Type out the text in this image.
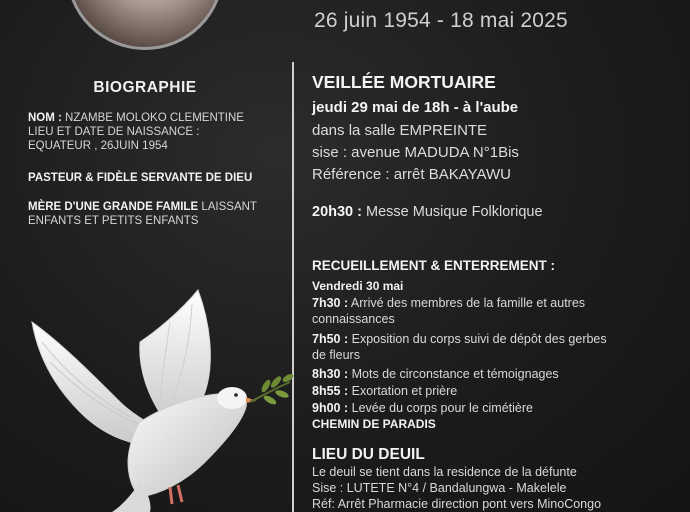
26 juin 1954 - 18 mai 2025
BIOGRAPHIE
NOM : NZAMBE MOLOKO CLEMENTINE
LIEU ET DATE DE NAISSANCE :
EQUATEUR , 26JUIN 1954
PASTEUR & FIDÈLE SERVANTE DE DIEU
MÈRE D'UNE GRANDE FAMILE LAISSANT
ENFANTS ET PETITS ENFANTS
VEILLÉE MORTUAIRE
jeudi 29 mai de 18h - à l'aube
dans la salle EMPREINTE
sise : avenue MADUDA N°1Bis
Référence : arrêt BAKAYAWU
20h30 : Messe Musique Folklorique
RECUEILLEMENT & ENTERREMENT :
Vendredi 30 mai
7h30 : Arrivé des membres de la famille et autres
connaissances
7h50 : Exposition du corps suivi de dépôt des gerbes
de fleurs
8h30 : Mots de circonstance et témoignages
8h55 : Exortation et prière
9h00 : Levée du corps pour le cimétière
CHEMIN DE PARADIS
LIEU DU DEUIL
Le deuil se tient dans la residence de la défunte
Sise : LUTETE N°4 / Bandalungwa - Makelele
Réf: Arrêt Pharmacie direction pont vers MinoCongo
